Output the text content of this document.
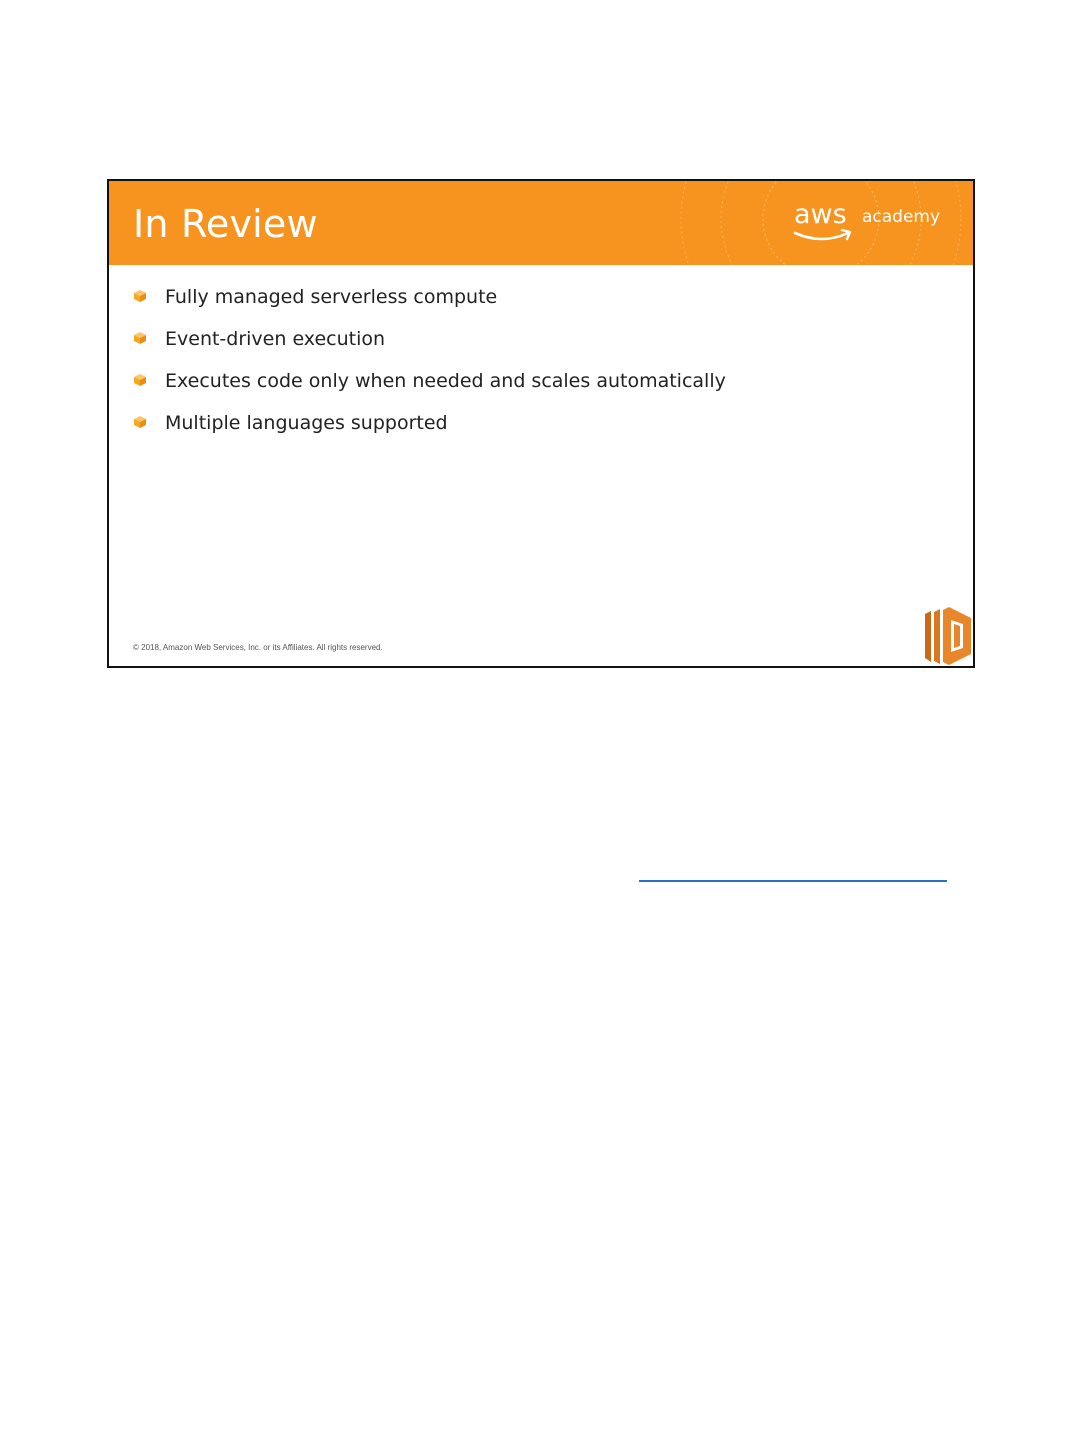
In Review	aws academy
Fully managed serverless compute
Event-driven execution
Executes code only when needed and scales automatically
Multiple languages supported
© 2018, Amazon Web Services, Inc. or its Affiliates. All rights reserved.
